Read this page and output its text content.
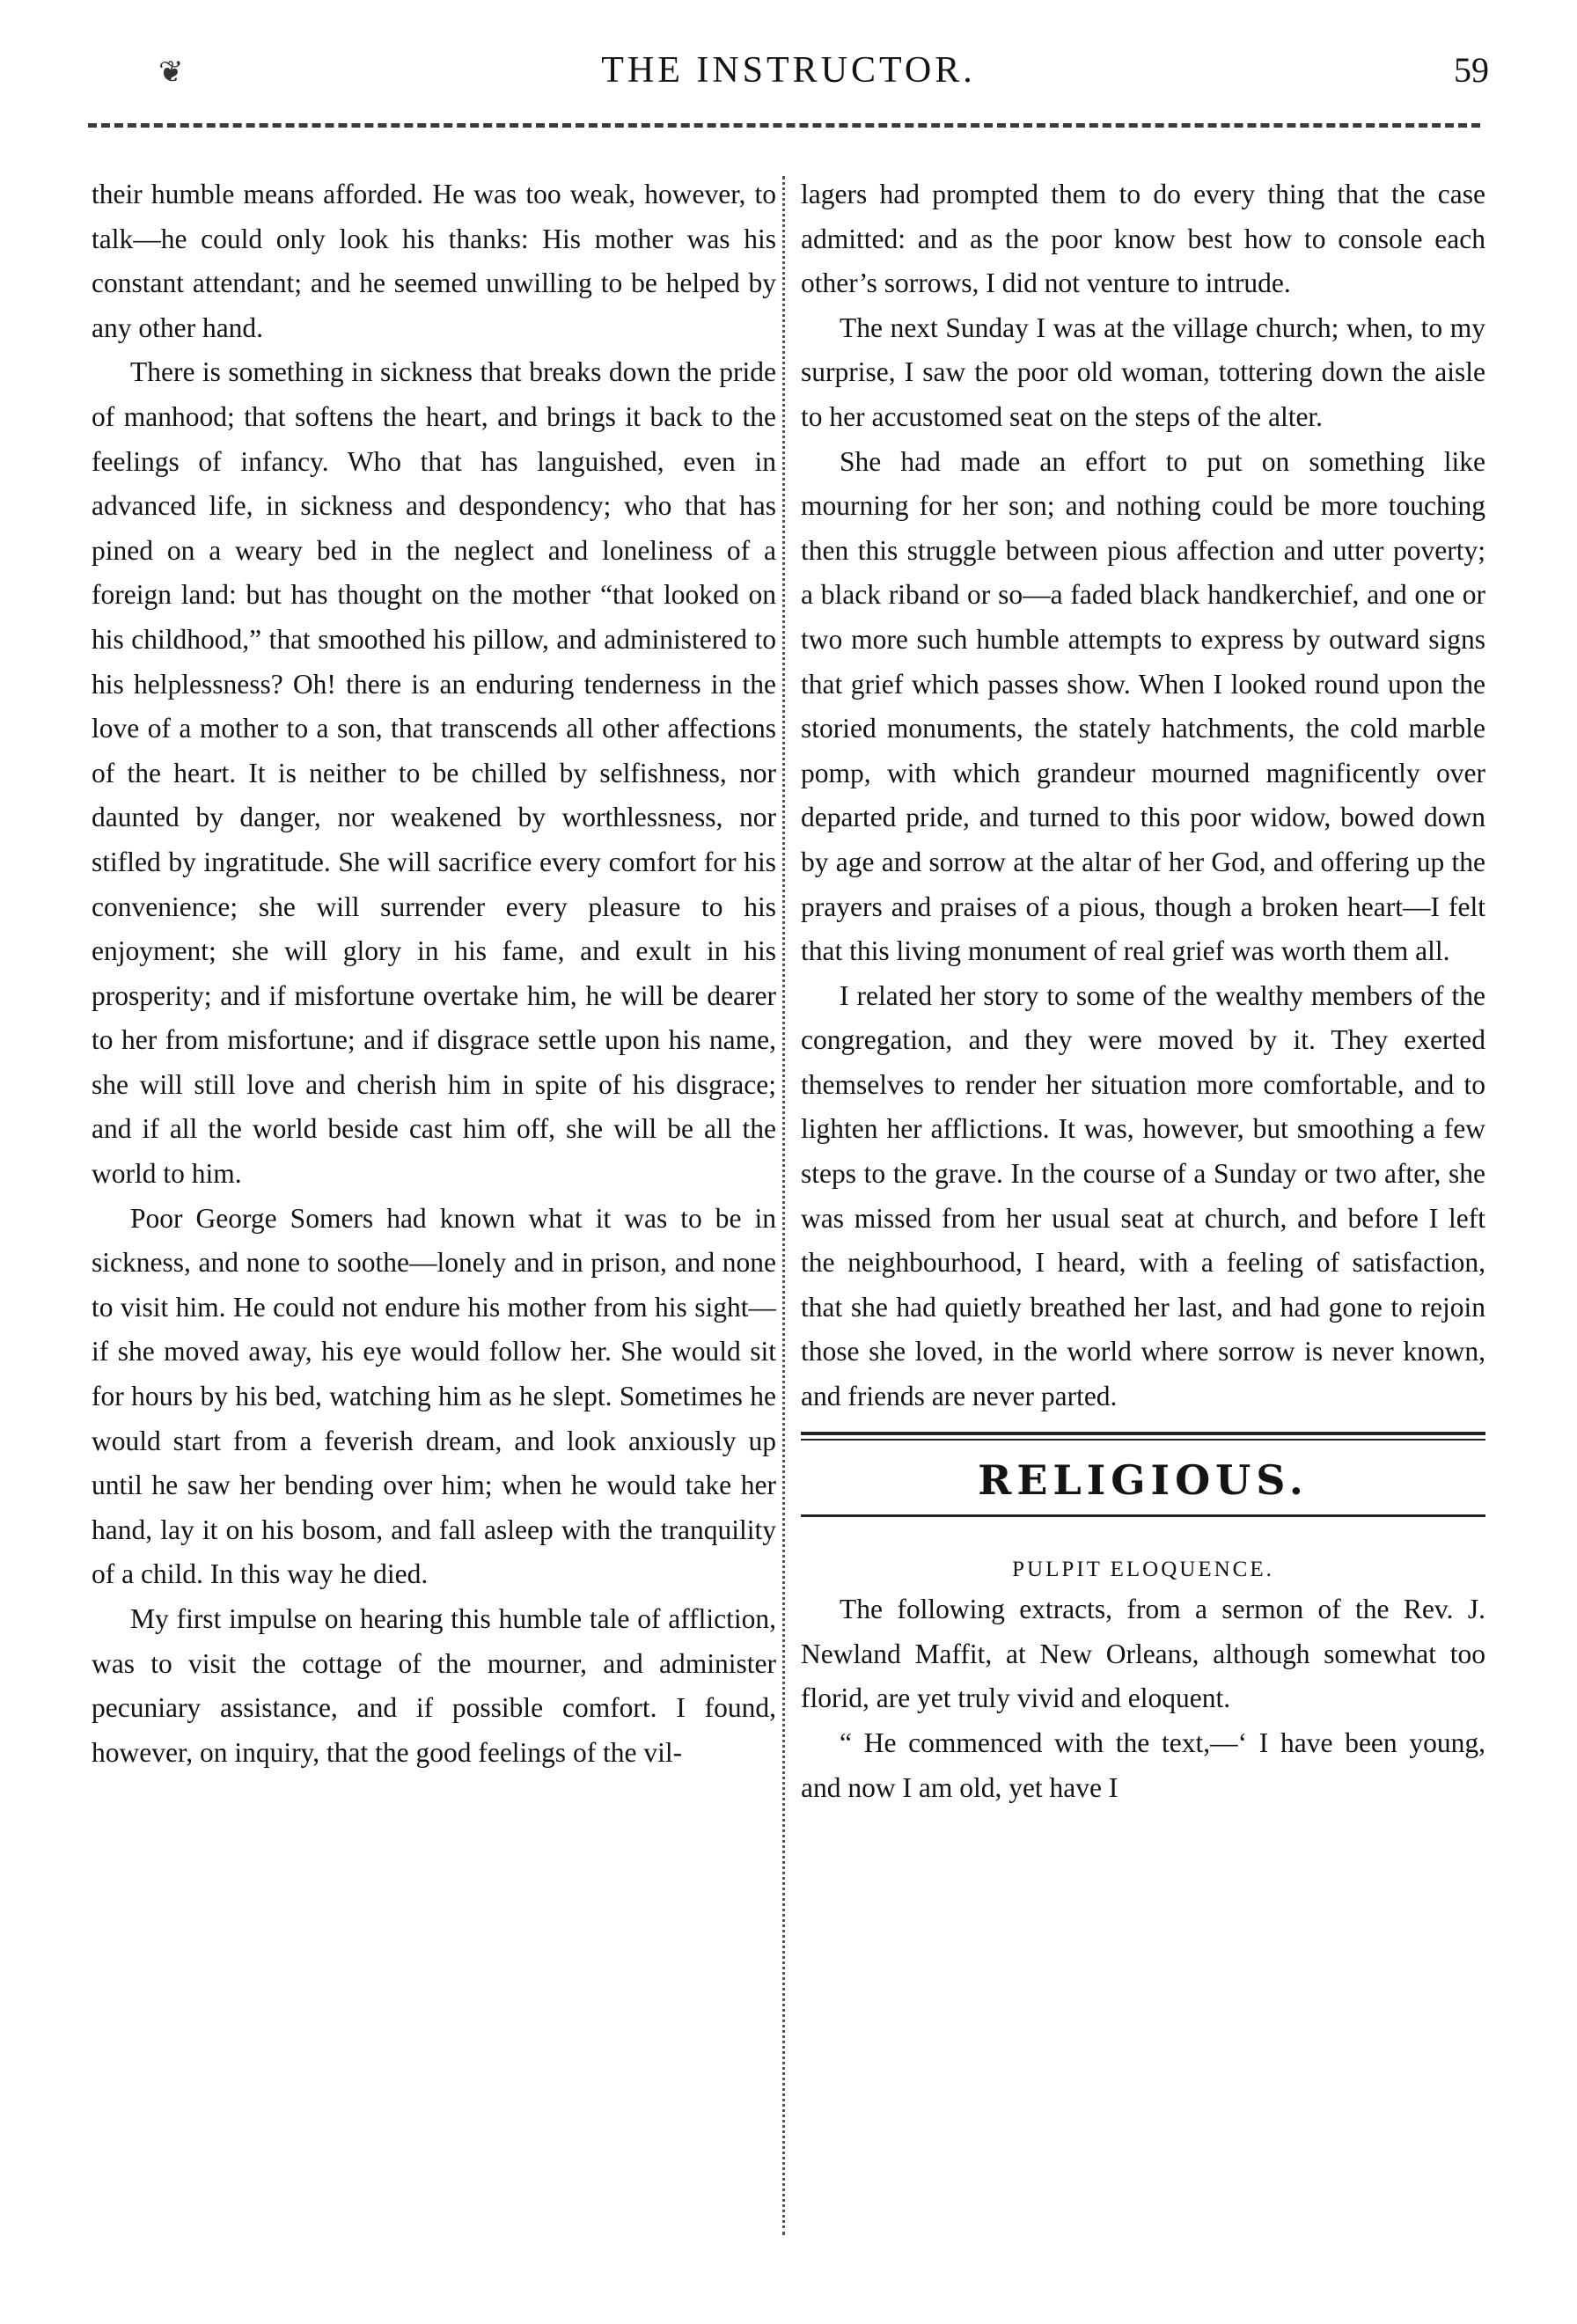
❦	THE INSTRUCTOR.	59

their humble means afforded. He was too weak, however, to talk—he could only look his thanks: His mother was his constant attendant; and he seemed unwilling to be helped by any other hand.

There is something in sickness that breaks down the pride of manhood; that softens the heart, and brings it back to the feelings of infancy. Who that has languished, even in advanced life, in sickness and despondency; who that has pined on a weary bed in the neglect and loneliness of a foreign land: but has thought on the mother “that looked on his childhood,” that smoothed his pillow, and administered to his helplessness? Oh! there is an enduring tenderness in the love of a mother to a son, that transcends all other affections of the heart. It is neither to be chilled by selfishness, nor daunted by danger, nor weakened by worthlessness, nor stifled by ingratitude. She will sacrifice every comfort for his convenience; she will surrender every pleasure to his enjoyment; she will glory in his fame, and exult in his prosperity; and if misfortune overtake him, he will be dearer to her from misfortune; and if disgrace settle upon his name, she will still love and cherish him in spite of his disgrace; and if all the world beside cast him off, she will be all the world to him.

Poor George Somers had known what it was to be in sickness, and none to soothe—lonely and in prison, and none to visit him. He could not endure his mother from his sight—if she moved away, his eye would follow her. She would sit for hours by his bed, watching him as he slept. Sometimes he would start from a feverish dream, and look anxiously up until he saw her bending over him; when he would take her hand, lay it on his bosom, and fall asleep with the tranquility of a child. In this way he died.

My first impulse on hearing this humble tale of affliction, was to visit the cottage of the mourner, and administer pecuniary assistance, and if possible comfort. I found, however, on inquiry, that the good feelings of the vil-

lagers had prompted them to do every thing that the case admitted: and as the poor know best how to console each other’s sorrows, I did not venture to intrude.

The next Sunday I was at the village church; when, to my surprise, I saw the poor old woman, tottering down the aisle to her accustomed seat on the steps of the alter.

She had made an effort to put on something like mourning for her son; and nothing could be more touching then this struggle between pious affection and utter poverty; a black riband or so—a faded black handkerchief, and one or two more such humble attempts to express by outward signs that grief which passes show. When I looked round upon the storied monuments, the stately hatchments, the cold marble pomp, with which grandeur mourned magnificently over departed pride, and turned to this poor widow, bowed down by age and sorrow at the altar of her God, and offering up the prayers and praises of a pious, though a broken heart—I felt that this living monument of real grief was worth them all.

I related her story to some of the wealthy members of the congregation, and they were moved by it. They exerted themselves to render her situation more comfortable, and to lighten her afflictions. It was, however, but smoothing a few steps to the grave. In the course of a Sunday or two after, she was missed from her usual seat at church, and before I left the neighbourhood, I heard, with a feeling of satisfaction, that she had quietly breathed her last, and had gone to rejoin those she loved, in the world where sorrow is never known, and friends are never parted.

RELIGIOUS.
PULPIT ELOQUENCE.

The following extracts, from a sermon of the Rev. J. Newland Maffit, at New Orleans, although somewhat too florid, are yet truly vivid and eloquent.

“ He commenced with the text,—‘ I have been young, and now I am old, yet have I
